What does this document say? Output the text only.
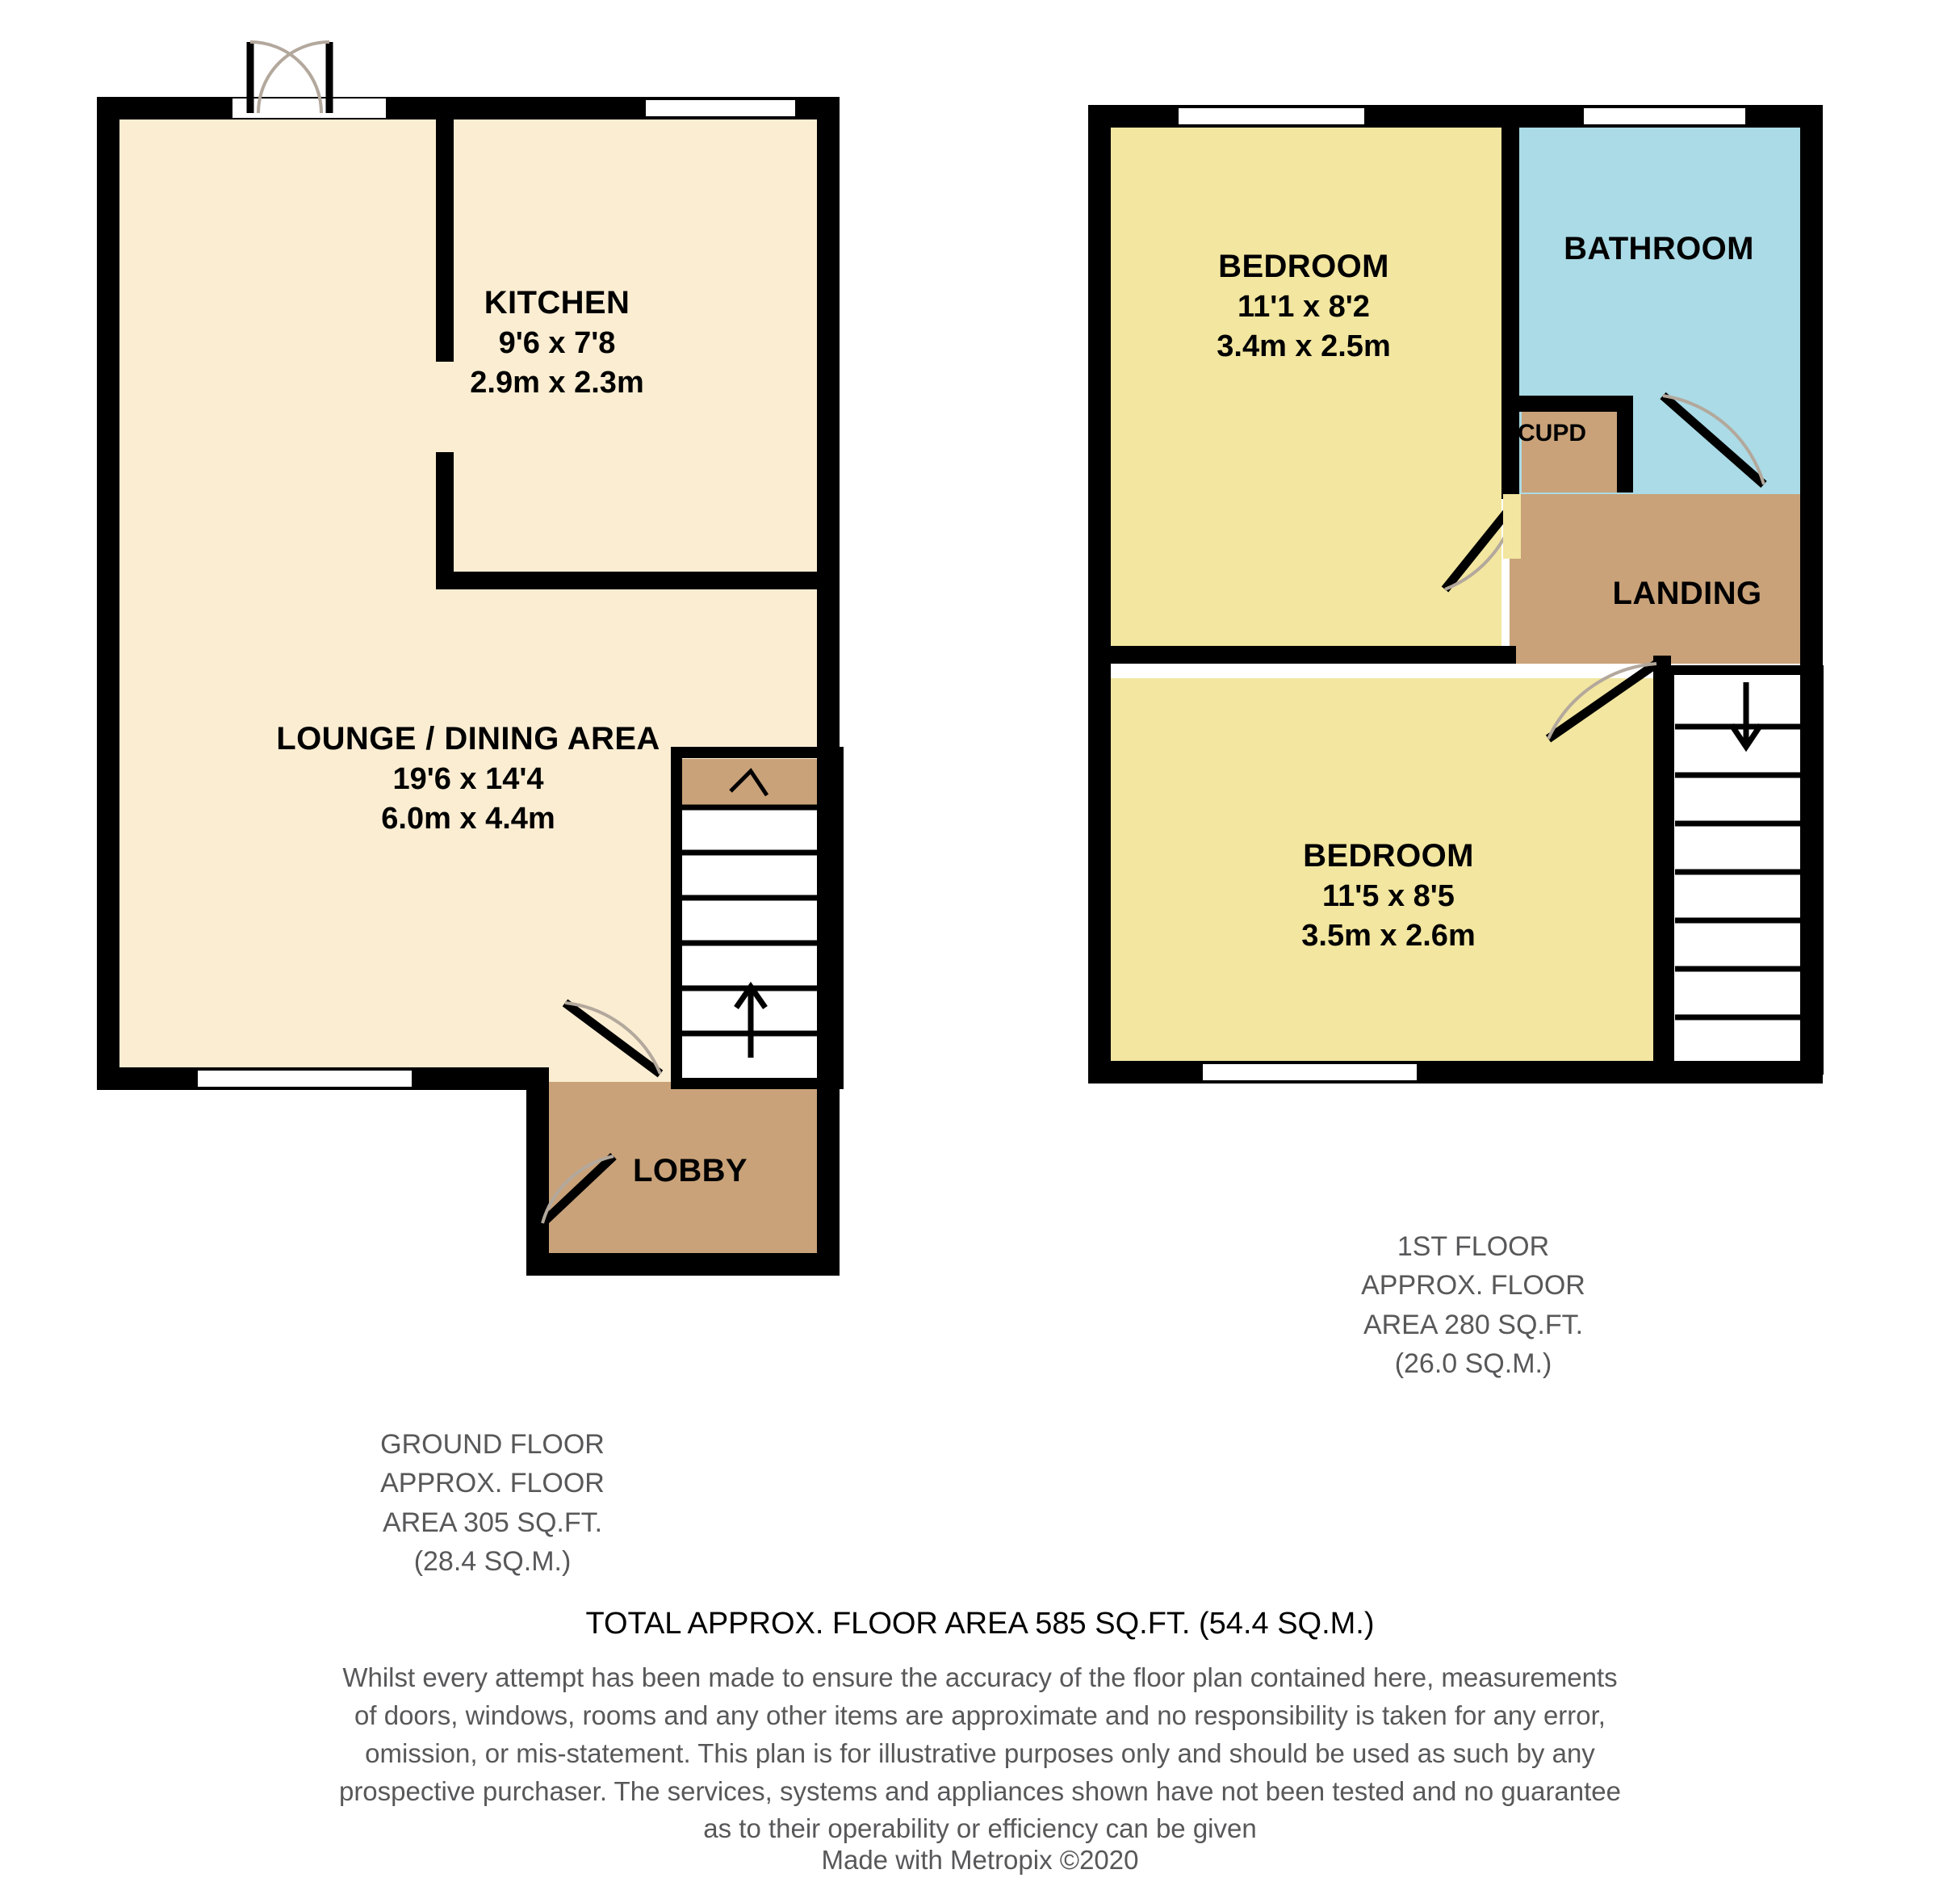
KITCHEN
9'6 x 7'8
2.9m x 2.3m
LOUNGE / DINING AREA
19'6 x 14'4
6.0m x 4.4m
LOBBY
BEDROOM
11'1 x 8'2
3.4m x 2.5m
BATHROOM
CUPD
LANDING
BEDROOM
11'5 x 8'5
3.5m x 2.6m
1ST FLOOR
APPROX. FLOOR
AREA 280 SQ.FT.
(26.0 SQ.M.)
GROUND FLOOR
APPROX. FLOOR
AREA 305 SQ.FT.
(28.4 SQ.M.)
TOTAL APPROX. FLOOR AREA 585 SQ.FT. (54.4 SQ.M.)
Whilst every attempt has been made to ensure the accuracy of the floor plan contained here, measurements
of doors, windows, rooms and any other items are approximate and no responsibility is taken for any error,
omission, or mis-statement. This plan is for illustrative purposes only and should be used as such by any
prospective purchaser. The services, systems and appliances shown have not been tested and no guarantee
as to their operability or efficiency can be given
Made with Metropix ©2020
